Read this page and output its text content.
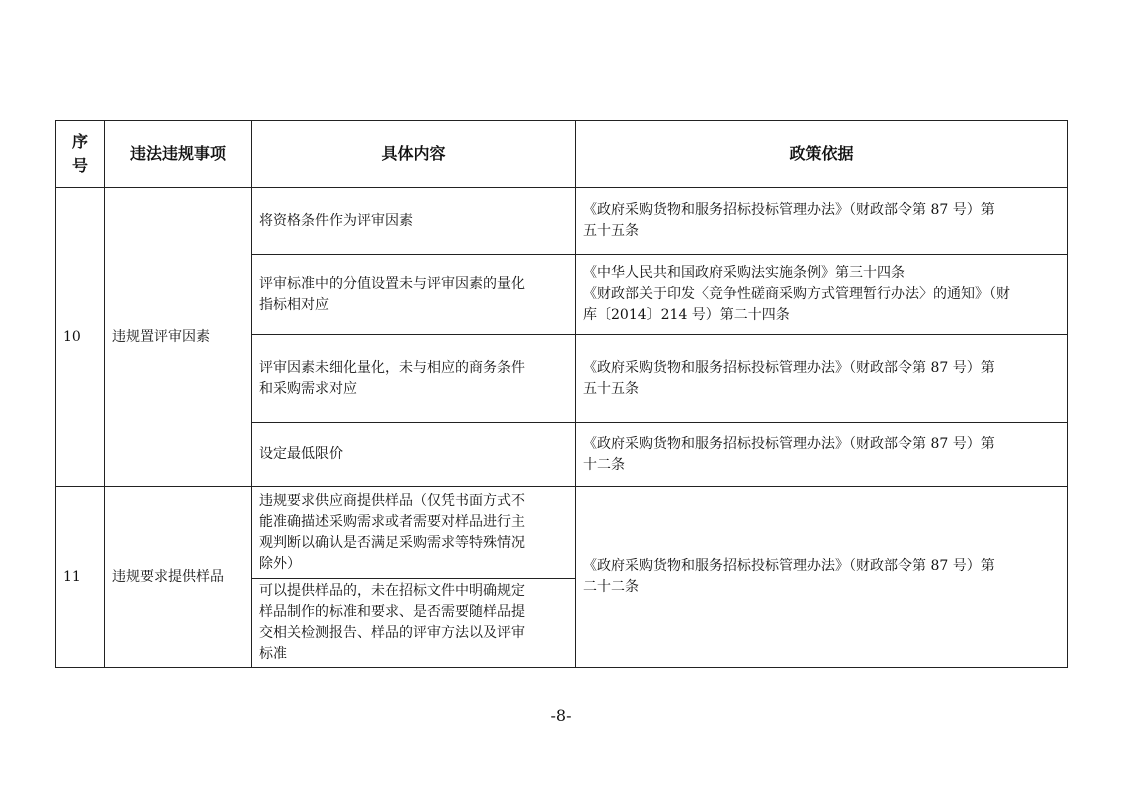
序
号	违法违规事项	具体内容	政策依据
10	违规置评审因素	将资格条件作为评审因素	《政府采购货物和服务招标投标管理办法》（财政部令第 87 号）第
五十五条

		评审标准中的分值设置未与评审因素的量化
指标相对应	《中华人民共和国政府采购法实施条例》第三十四条
《财政部关于印发〈竞争性磋商采购方式管理暂行办法〉的通知》（财
库〔2014〕214 号）第二十四条

		评审因素未细化量化，未与相应的商务条件
和采购需求对应	《政府采购货物和服务招标投标管理办法》（财政部令第 87 号）第
五十五条

		设定最低限价	《政府采购货物和服务招标投标管理办法》（财政部令第 87 号）第
十二条

11	违规要求提供样品	违规要求供应商提供样品（仅凭书面方式不
能准确描述采购需求或者需要对样品进行主
观判断以确认是否满足采购需求等特殊情况
除外）	《政府采购货物和服务招标投标管理办法》（财政部令第 87 号）第
二十二条

		可以提供样品的，未在招标文件中明确规定
样品制作的标准和要求、是否需要随样品提
交相关检测报告、样品的评审方法以及评审
标准	
-8-
